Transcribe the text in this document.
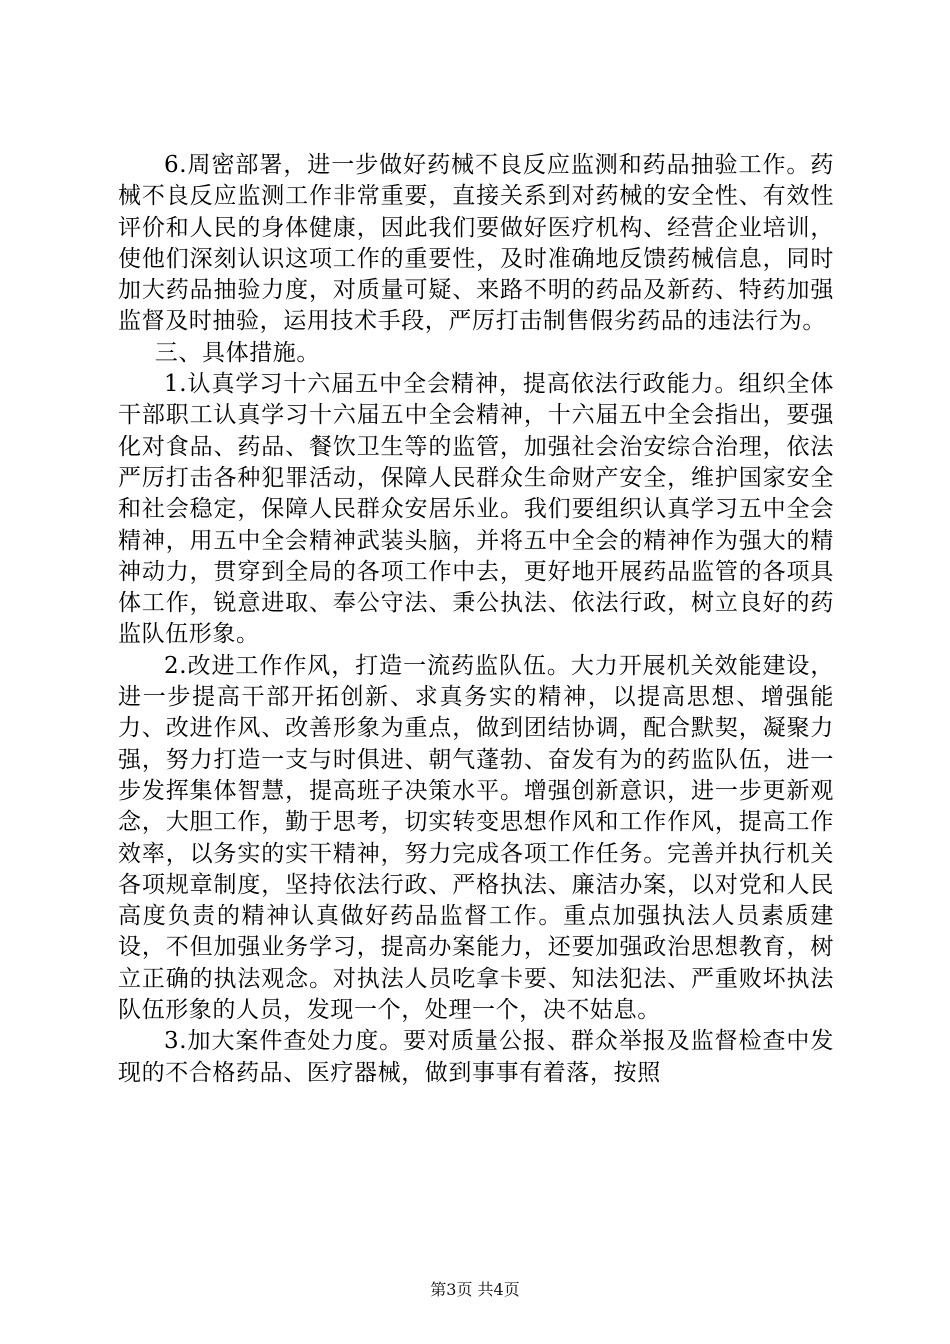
6.周密部署，进一步做好药械不良反应监测和药品抽验工作。药械不良反应监测工作非常重要，直接关系到对药械的安全性、有效性评价和人民的身体健康，因此我们要做好医疗机构、经营企业培训，使他们深刻认识这项工作的重要性，及时准确地反馈药械信息，同时加大药品抽验力度，对质量可疑、来路不明的药品及新药、特药加强监督及时抽验，运用技术手段，严厉打击制售假劣药品的违法行为。

三、具体措施。

1.认真学习十六届五中全会精神，提高依法行政能力。组织全体干部职工认真学习十六届五中全会精神，十六届五中全会指出，要强化对食品、药品、餐饮卫生等的监管，加强社会治安综合治理，依法严厉打击各种犯罪活动，保障人民群众生命财产安全，维护国家安全和社会稳定，保障人民群众安居乐业。我们要组织认真学习五中全会精神，用五中全会精神武装头脑，并将五中全会的精神作为强大的精神动力，贯穿到全局的各项工作中去，更好地开展药品监管的各项具体工作，锐意进取、奉公守法、秉公执法、依法行政，树立良好的药监队伍形象。

2.改进工作作风，打造一流药监队伍。大力开展机关效能建设，进一步提高干部开拓创新、求真务实的精神，以提高思想、增强能力、改进作风、改善形象为重点，做到团结协调，配合默契，凝聚力强，努力打造一支与时俱进、朝气蓬勃、奋发有为的药监队伍，进一步发挥集体智慧，提高班子决策水平。增强创新意识，进一步更新观念，大胆工作，勤于思考，切实转变思想作风和工作作风，提高工作效率，以务实的实干精神，努力完成各项工作任务。完善并执行机关各项规章制度，坚持依法行政、严格执法、廉洁办案，以对党和人民高度负责的精神认真做好药品监督工作。重点加强执法人员素质建设，不但加强业务学习，提高办案能力，还要加强政治思想教育，树立正确的执法观念。对执法人员吃拿卡要、知法犯法、严重败坏执法队伍形象的人员，发现一个，处理一个，决不姑息。

3.加大案件查处力度。要对质量公报、群众举报及监督检查中发现的不合格药品、医疗器械，做到事事有着落，按照

第3页 共4页
